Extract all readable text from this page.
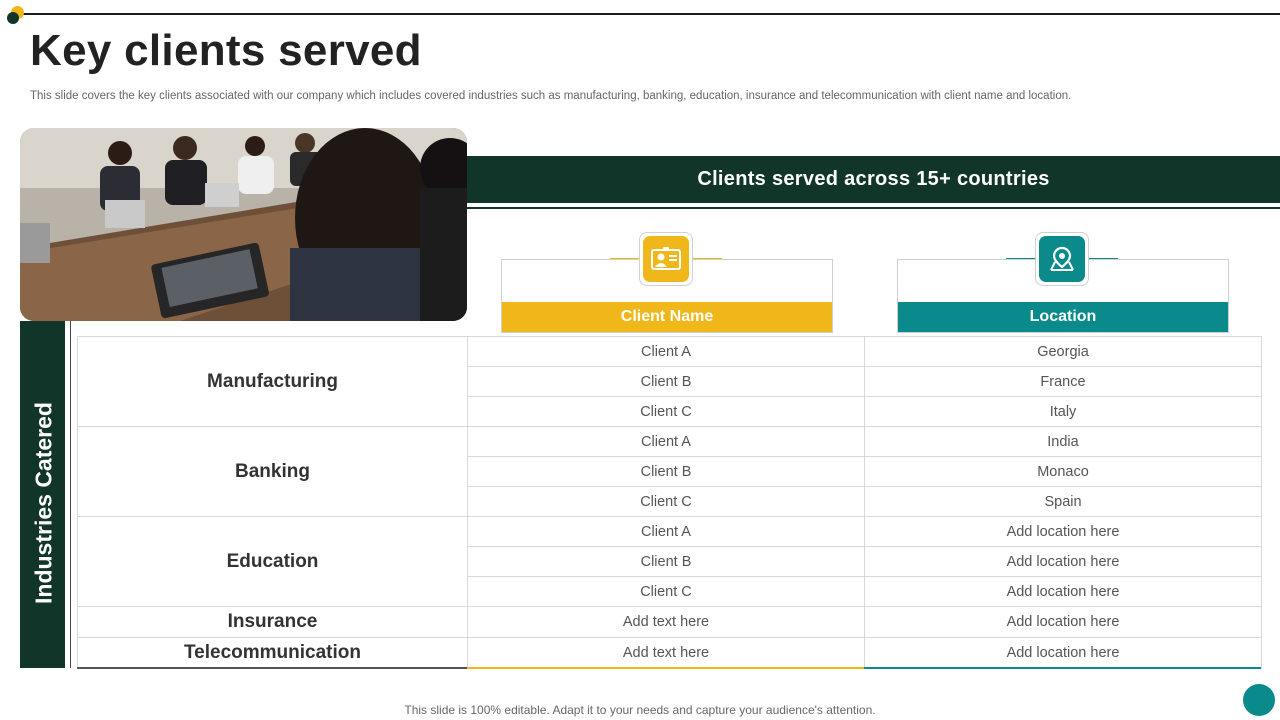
Key clients served
This slide covers the key clients associated with our company which includes covered industries such as manufacturing, banking, education, insurance and telecommunication with client name and location.
Clients served across 15+ countries
Industries Catered
Client Name	Location
Manufacturing	Client A	Georgia
	Client B	France
	Client C	Italy
Banking	Client A	India
	Client B	Monaco
	Client C	Spain
Education	Client A	Add location here
	Client B	Add location here
	Client C	Add location here
Insurance	Add text here	Add location here
Telecommunication	Add text here	Add location here
This slide is 100% editable. Adapt it to your needs and capture your audience's attention.
